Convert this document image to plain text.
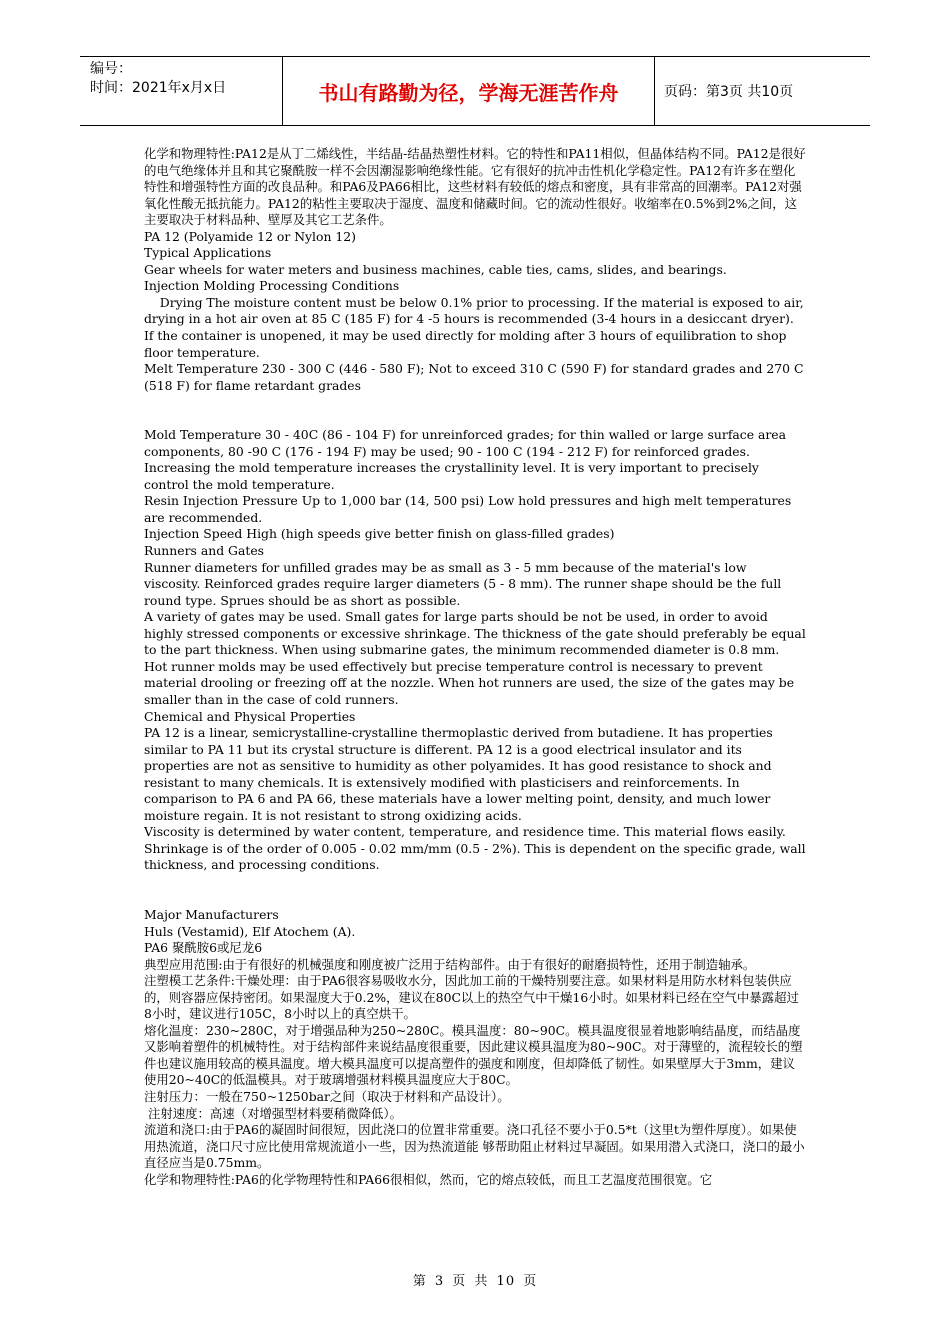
编号：
时间：2021年x月x日	书山有路勤为径，学海无涯苦作舟	页码：第3页 共10页

化学和物理特性:PA12是从丁二烯线性，半结晶-结晶热塑性材料。它的特性和PA11相似，但晶体结构不同。PA12是很好的电气绝缘体并且和其它聚酰胺一样不会因潮湿影响绝缘性能。它有很好的抗冲击性机化学稳定性。PA12有许多在塑化特性和增强特性方面的改良品种。和PA6及PA66相比，这些材料有较低的熔点和密度，具有非常高的回潮率。PA12对强氧化性酸无抵抗能力。PA12的粘性主要取决于湿度、温度和储藏时间。它的流动性很好。收缩率在0.5%到2%之间，这主要取决于材料品种、壁厚及其它工艺条件。

PA 12 (Polyamide 12 or Nylon 12)

Typical Applications

Gear wheels for water meters and business machines, cable ties, cams, slides, and bearings.

Injection Molding Processing Conditions

Drying The moisture content must be below 0.1% prior to processing. If the material is exposed to air, drying in a hot air oven at 85 C (185 F) for 4 -5 hours is recommended (3-4 hours in a desiccant dryer). If the container is unopened, it may be used directly for molding after 3 hours of equilibration to shop floor temperature.

Melt Temperature 230 - 300 C (446 - 580 F); Not to exceed 310 C (590 F) for standard grades and 270 C (518 F) for flame retardant grades

Mold Temperature 30 - 40C (86 - 104 F) for unreinforced grades; for thin walled or large surface area components, 80 -90 C (176 - 194 F) may be used; 90 - 100 C (194 - 212 F) for reinforced grades. Increasing the mold temperature increases the crystallinity level. It is very important to precisely control the mold temperature.

Resin Injection Pressure Up to 1,000 bar (14, 500 psi) Low hold pressures and high melt temperatures are recommended.

Injection Speed High (high speeds give better finish on glass-filled grades)

Runners and Gates

Runner diameters for unfilled grades may be as small as 3 - 5 mm because of the material's low viscosity. Reinforced grades require larger diameters (5 - 8 mm). The runner shape should be the full round type. Sprues should be as short as possible.

A variety of gates may be used. Small gates for large parts should be not be used, in order to avoid highly stressed components or excessive shrinkage. The thickness of the gate should preferably be equal to the part thickness. When using submarine gates, the minimum recommended diameter is 0.8 mm.

Hot runner molds may be used effectively but precise temperature control is necessary to prevent material drooling or freezing off at the nozzle. When hot runners are used, the size of the gates may be smaller than in the case of cold runners.

Chemical and Physical Properties

PA 12 is a linear, semicrystalline-crystalline thermoplastic derived from butadiene. It has properties similar to PA 11 but its crystal structure is different. PA 12 is a good electrical insulator and its properties are not as sensitive to humidity as other polyamides. It has good resistance to shock and resistant to many chemicals. It is extensively modified with plasticisers and reinforcements. In comparison to PA 6 and PA 66, these materials have a lower melting point, density, and much lower moisture regain. It is not resistant to strong oxidizing acids.

Viscosity is determined by water content, temperature, and residence time. This material flows easily. Shrinkage is of the order of 0.005 - 0.02 mm/mm (0.5 - 2%). This is dependent on the specific grade, wall thickness, and processing conditions.

Major Manufacturers

Huls (Vestamid), Elf Atochem (A).

PA6 聚酰胺6或尼龙6

典型应用范围:由于有很好的机械强度和刚度被广泛用于结构部件。由于有很好的耐磨损特性，还用于制造轴承。

注塑模工艺条件:干燥处理：由于PA6很容易吸收水分，因此加工前的干燥特别要注意。如果材料是用防水材料包装供应的，则容器应保持密闭。如果湿度大于0.2%，建议在80C以上的热空气中干燥16小时。如果材料已经在空气中暴露超过8小时，建议进行105C，8小时以上的真空烘干。

熔化温度：230~280C，对于增强品种为250~280C。模具温度：80~90C。模具温度很显着地影响结晶度，而结晶度又影响着塑件的机械特性。对于结构部件来说结晶度很重要，因此建议模具温度为80~90C。对于薄壁的，流程较长的塑件也建议施用较高的模具温度。增大模具温度可以提高塑件的强度和刚度，但却降低了韧性。如果壁厚大于3mm，建议使用20~40C的低温模具。对于玻璃增强材料模具温度应大于80C。

注射压力：一般在750~1250bar之间（取决于材料和产品设计）。

注射速度：高速（对增强型材料要稍微降低）。

流道和浇口:由于PA6的凝固时间很短，因此浇口的位置非常重要。浇口孔径不要小于0.5*t（这里t为塑件厚度）。如果使用热流道，浇口尺寸应比使用常规流道小一些，因为热流道能 够帮助阻止材料过早凝固。如果用潜入式浇口，浇口的最小直径应当是0.75mm。

化学和物理特性:PA6的化学物理特性和PA66很相似，然而，它的熔点较低，而且工艺温度范围很宽。它

第 3 页 共 10 页
